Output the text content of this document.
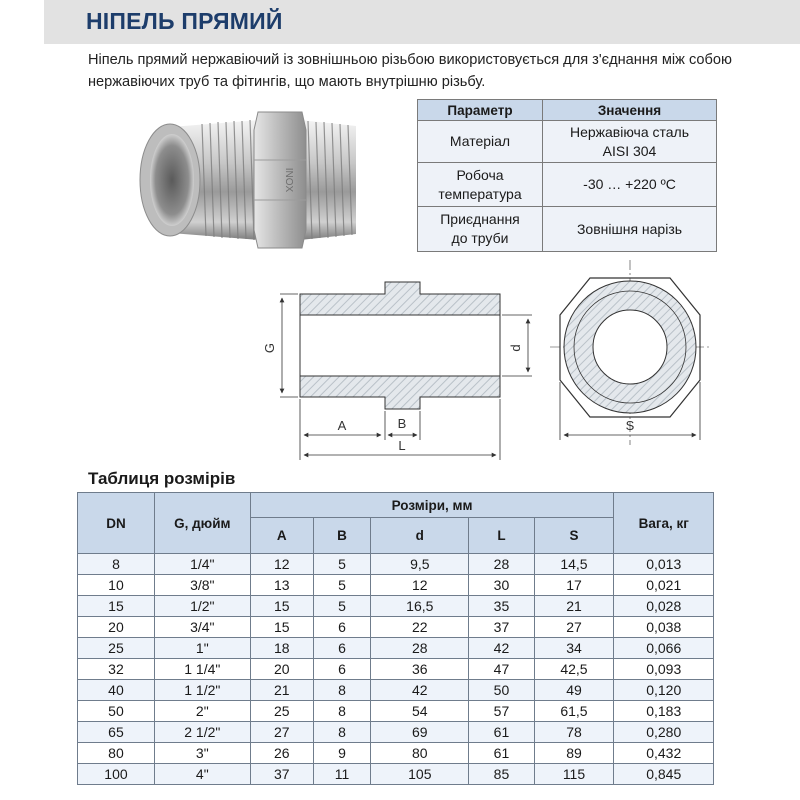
НІПЕЛЬ ПРЯМИЙ
Ніпель прямий нержавіючий із зовнішньою різьбою використовується для з'єднання між собою нержавіючих труб та фітингів, що мають внутрішню різьбу.
INOX
Параметр	Значення
Матеріал	Нержавіюча сталь
AISI 304

Робоча
температура	-30 … +220 ºС

Приєднання
до труби	Зовнішня нарізь
G	d
A	B
L
S
Таблиця розмірів
DN	G, дюйм	Розміри, мм					Вага, кг
		A	B	d	L	S	
8	1/4"	12	5	9,5	28	14,5	0,013
10	3/8"	13	5	12	30	17	0,021
15	1/2"	15	5	16,5	35	21	0,028
20	3/4"	15	6	22	37	27	0,038
25	1"	18	6	28	42	34	0,066
32	1 1/4"	20	6	36	47	42,5	0,093
40	1 1/2"	21	8	42	50	49	0,120
50	2"	25	8	54	57	61,5	0,183
65	2 1/2"	27	8	69	61	78	0,280
80	3"	26	9	80	61	89	0,432
100	4"	37	11	105	85	115	0,845
